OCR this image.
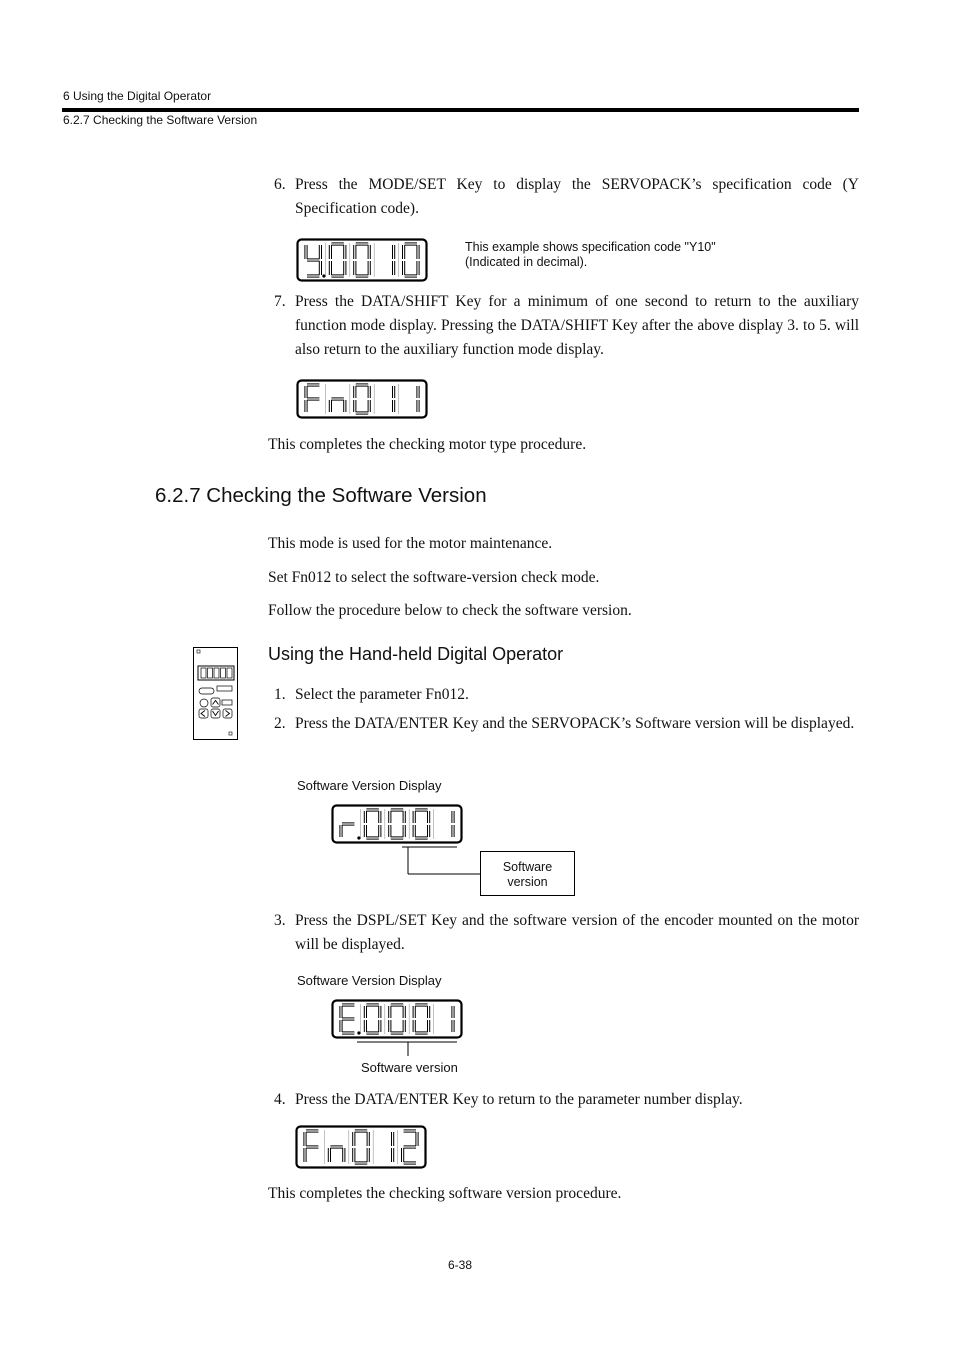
6 Using the Digital Operator
6.2.7 Checking the Software Version
6. Press the MODE/SET Key to display the SERVOPACK’s specification code (Y Specification code).
This example shows specification code "Y10"
(Indicated in decimal).
7. Press the DATA/SHIFT Key for a minimum of one second to return to the auxiliary function mode display. Pressing the DATA/SHIFT Key after the above display 3. to 5. will also return to the auxiliary function mode display.
This completes the checking motor type procedure.
6.2.7 Checking the Software Version
This mode is used for the motor maintenance.
Set Fn012 to select the software-version check mode.
Follow the procedure below to check the software version.
Using the Hand-held Digital Operator
1. Select the parameter Fn012.
2. Press the DATA/ENTER Key and the SERVOPACK’s Software version will be displayed.
Software Version Display
Software
version
3. Press the DSPL/SET Key and the software version of the encoder mounted on the motor will be displayed.
Software Version Display
Software version
4. Press the DATA/ENTER Key to return to the parameter number display.
This completes the checking software version procedure.
6-38
